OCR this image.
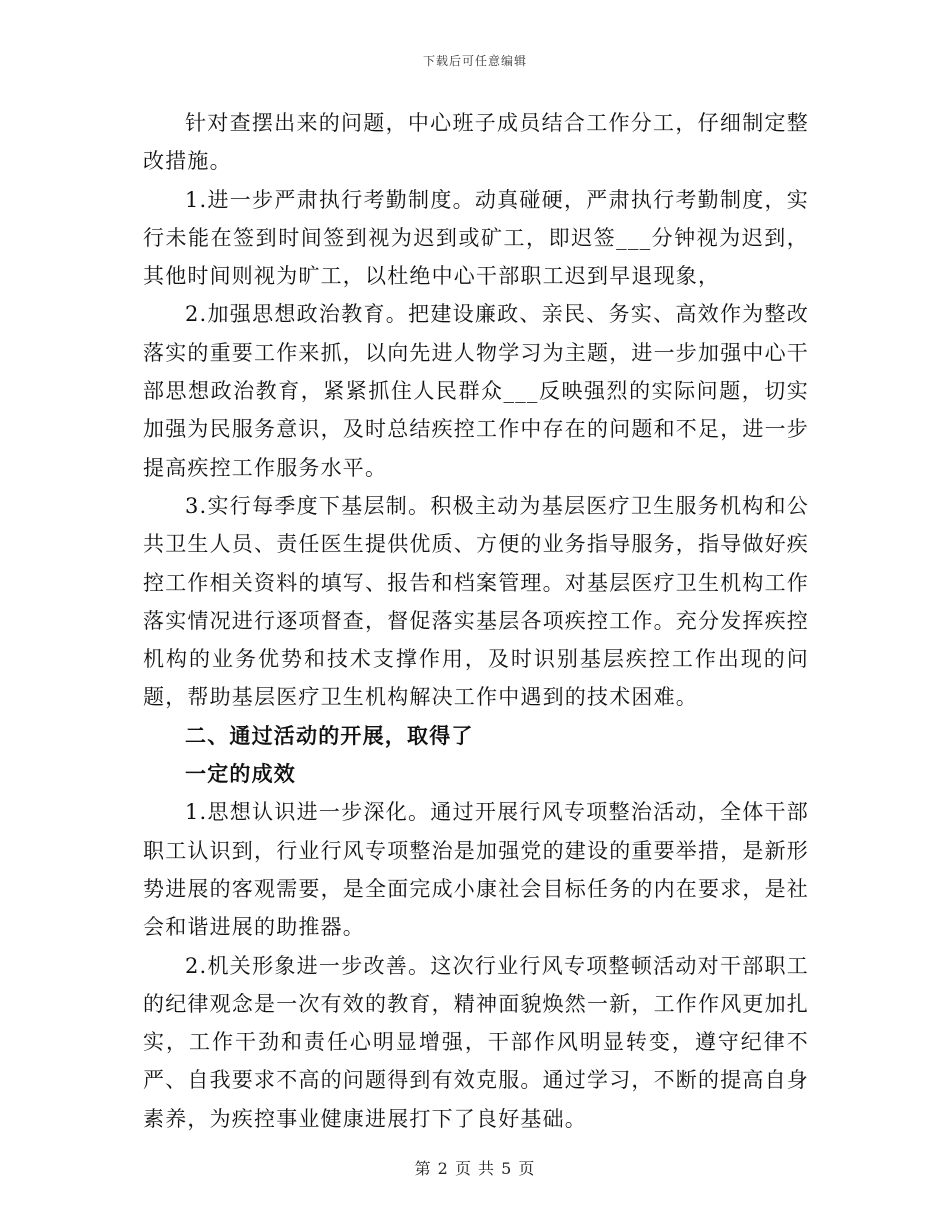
下载后可任意编辑

针对查摆出来的问题，中心班子成员结合工作分工，仔细制定整改措施。

1.进一步严肃执行考勤制度。动真碰硬，严肃执行考勤制度，实行未能在签到时间签到视为迟到或矿工，即迟签___分钟视为迟到，其他时间则视为旷工，以杜绝中心干部职工迟到早退现象，

2.加强思想政治教育。把建设廉政、亲民、务实、高效作为整改落实的重要工作来抓，以向先进人物学习为主题，进一步加强中心干部思想政治教育，紧紧抓住人民群众___反映强烈的实际问题，切实加强为民服务意识，及时总结疾控工作中存在的问题和不足，进一步提高疾控工作服务水平。

3.实行每季度下基层制。积极主动为基层医疗卫生服务机构和公共卫生人员、责任医生提供优质、方便的业务指导服务，指导做好疾控工作相关资料的填写、报告和档案管理。对基层医疗卫生机构工作落实情况进行逐项督查，督促落实基层各项疾控工作。充分发挥疾控机构的业务优势和技术支撑作用，及时识别基层疾控工作出现的问题，帮助基层医疗卫生机构解决工作中遇到的技术困难。

二、通过活动的开展，取得了

一定的成效

1.思想认识进一步深化。通过开展行风专项整治活动，全体干部职工认识到，行业行风专项整治是加强党的建设的重要举措，是新形势进展的客观需要，是全面完成小康社会目标任务的内在要求，是社会和谐进展的助推器。

2.机关形象进一步改善。这次行业行风专项整顿活动对干部职工的纪律观念是一次有效的教育，精神面貌焕然一新，工作作风更加扎实，工作干劲和责任心明显增强，干部作风明显转变，遵守纪律不严、自我要求不高的问题得到有效克服。通过学习，不断的提高自身素养，为疾控事业健康进展打下了良好基础。

第 2 页 共 5 页
